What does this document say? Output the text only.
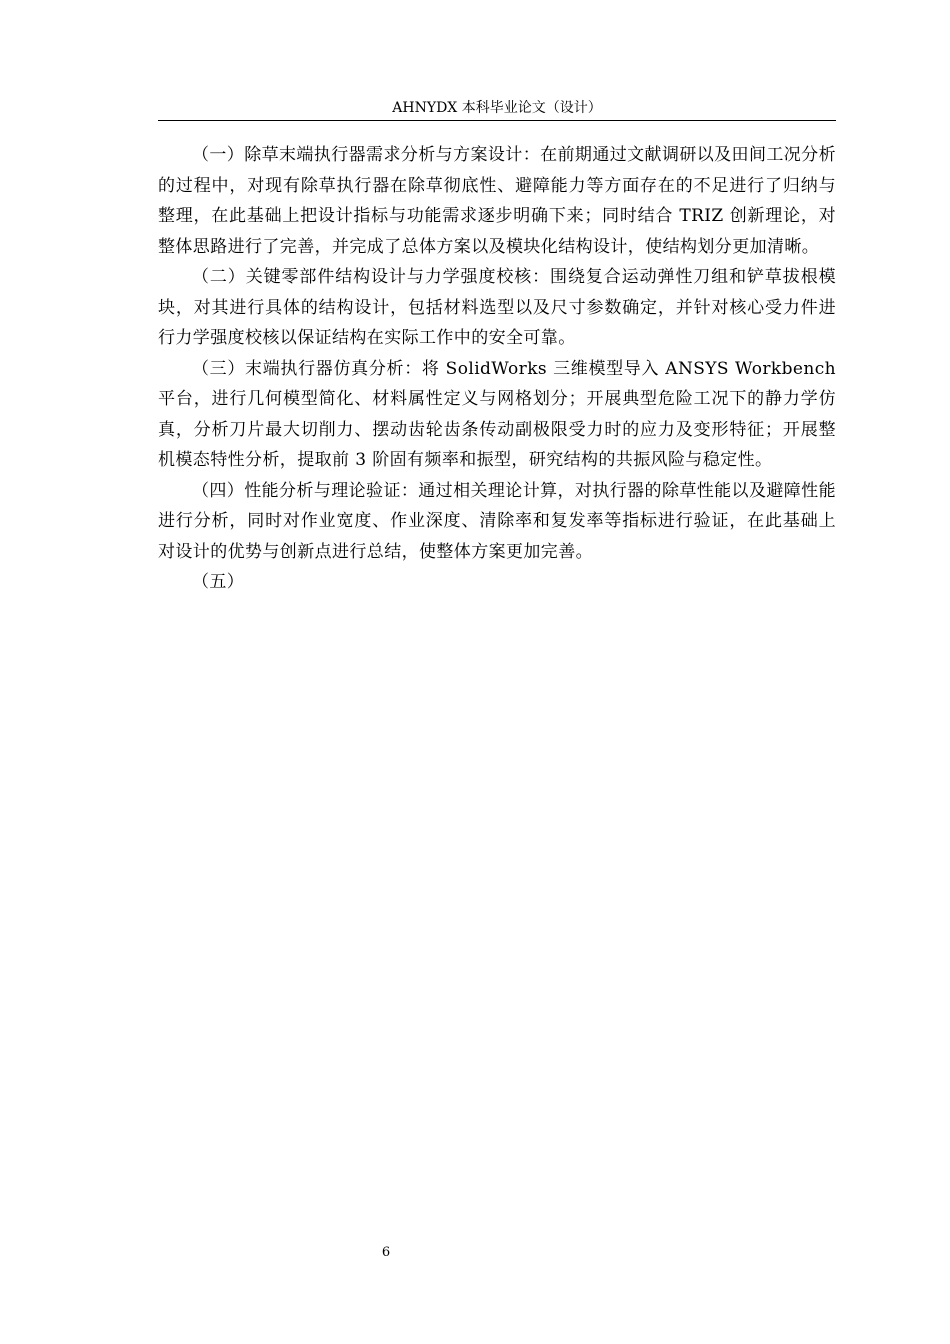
AHNYDX 本科毕业论文（设计）

（一）除草末端执行器需求分析与方案设计：在前期通过文献调研以及田间工况分析的过程中，对现有除草执行器在除草彻底性、避障能力等方面存在的不足进行了归纳与整理，在此基础上把设计指标与功能需求逐步明确下来；同时结合 TRIZ 创新理论，对整体思路进行了完善，并完成了总体方案以及模块化结构设计，使结构划分更加清晰。

（二）关键零部件结构设计与力学强度校核：围绕复合运动弹性刀组和铲草拔根模块，对其进行具体的结构设计，包括材料选型以及尺寸参数确定，并针对核心受力件进行力学强度校核以保证结构在实际工作中的安全可靠。

（三）末端执行器仿真分析：将 SolidWorks 三维模型导入 ANSYS Workbench 平台，进行几何模型简化、材料属性定义与网格划分；开展典型危险工况下的静力学仿真，分析刀片最大切削力、摆动齿轮齿条传动副极限受力时的应力及变形特征；开展整机模态特性分析，提取前 3 阶固有频率和振型，研究结构的共振风险与稳定性。

（四）性能分析与理论验证：通过相关理论计算，对执行器的除草性能以及避障性能进行分析，同时对作业宽度、作业深度、清除率和复发率等指标进行验证，在此基础上对设计的优势与创新点进行总结，使整体方案更加完善。

（五）

6
